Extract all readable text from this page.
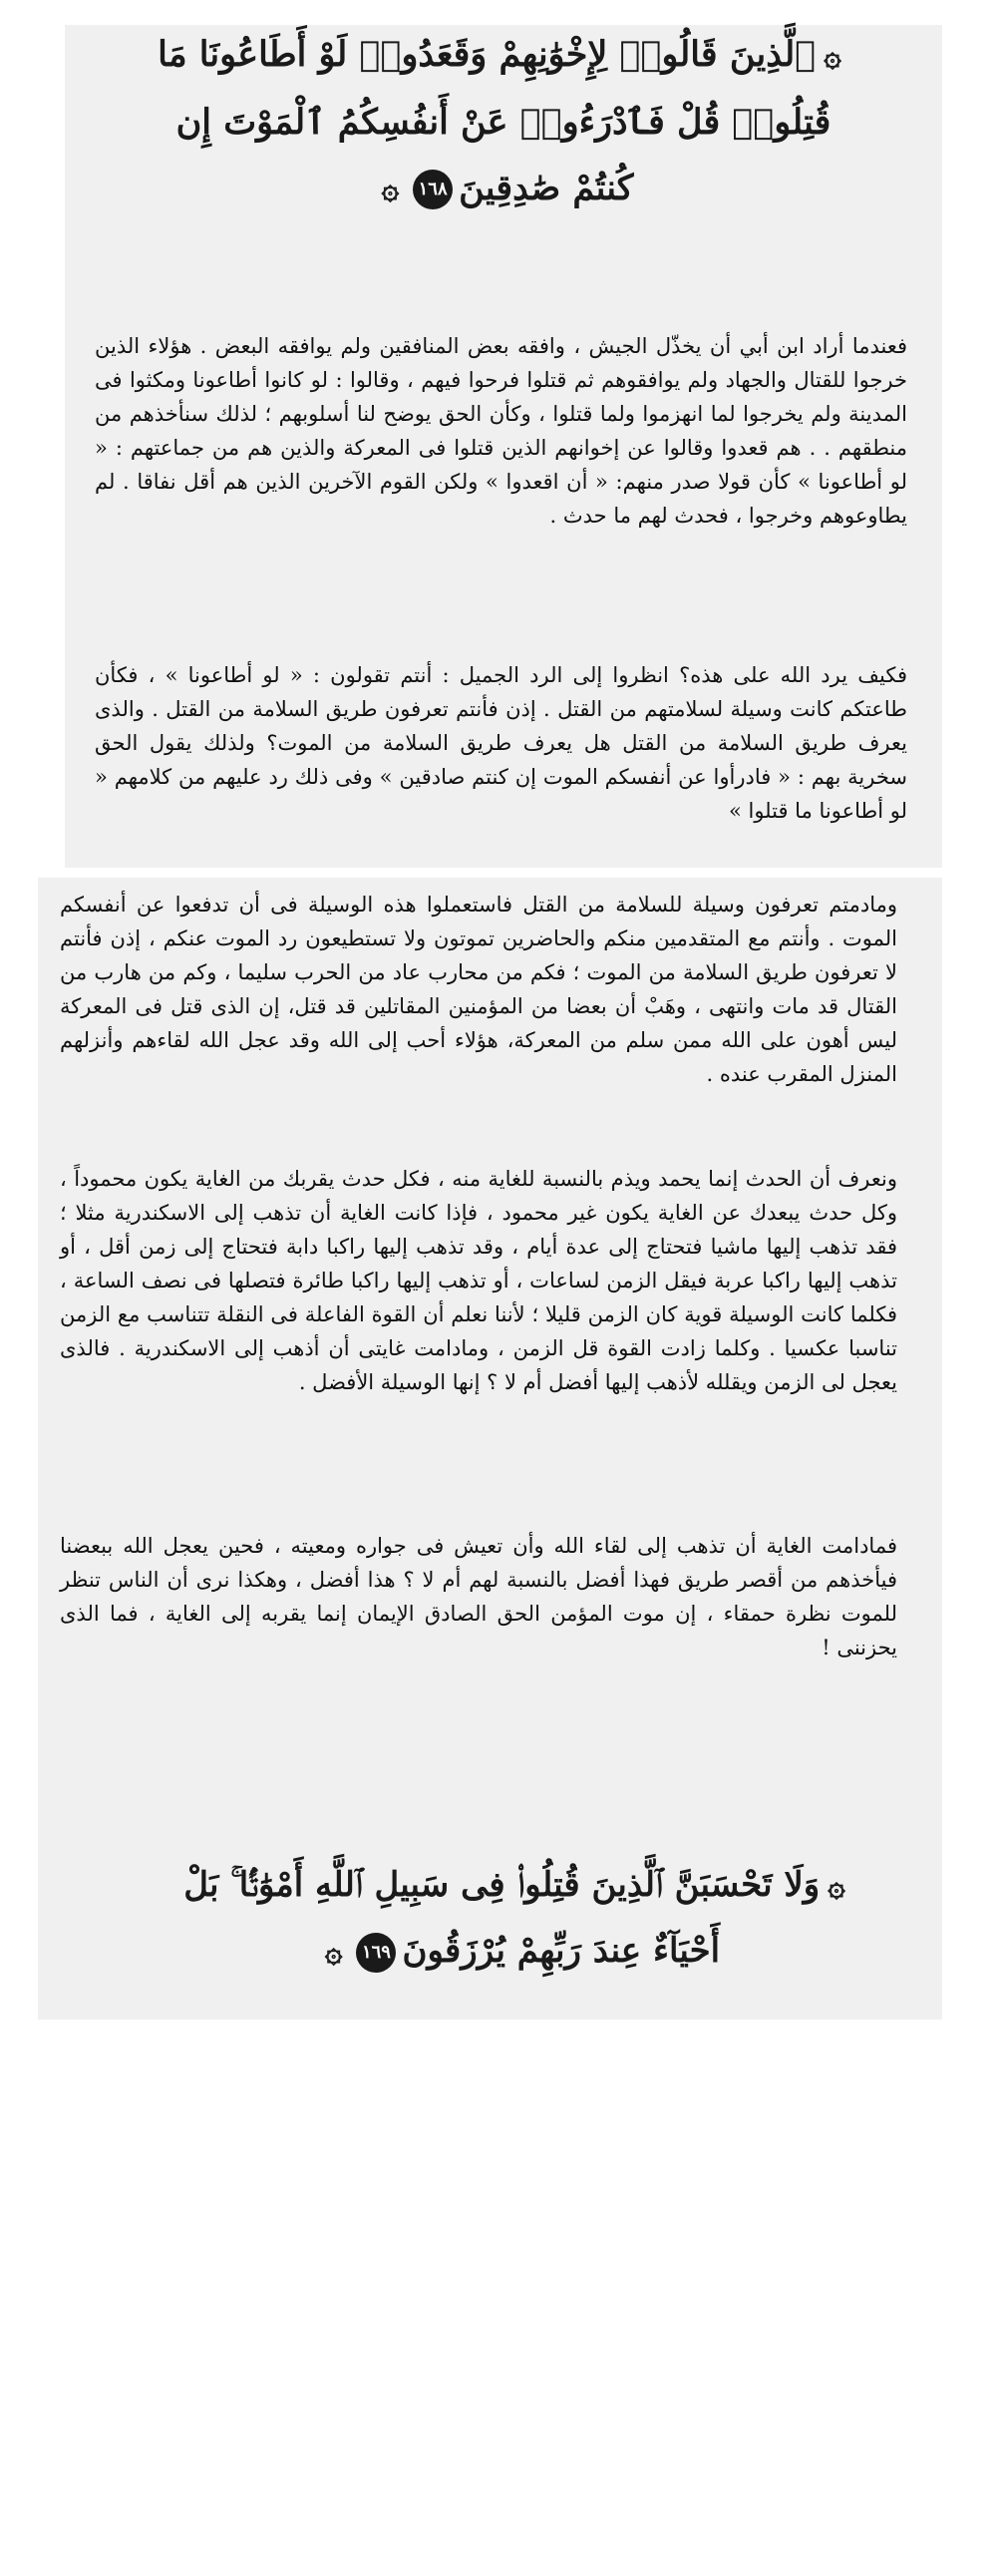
۞ٱلَّذِينَ قَالُوا۟ لِإِخْوَٰنِهِمْ وَقَعَدُوا۟ لَوْ أَطَاعُونَا مَا
قُتِلُوا۟ قُلْ فَٱدْرَءُوا۟ عَنْ أَنفُسِكُمُ ٱلْمَوْتَ إِن
كُنتُمْ صَٰدِقِينَ١٦٨۞

فعندما أراد ابن أبي أن يخذّل الجيش ، وافقه بعض المنافقين ولم يوافقه البعض . هؤلاء الذين خرجوا للقتال والجهاد ولم يوافقوهم ثم قتلوا فرحوا فيهم ، وقالوا : لو كانوا أطاعونا ومكثوا فى المدينة ولم يخرجوا لما انهزموا ولما قتلوا ، وكأن الحق يوضح لنا أسلوبهم ؛ لذلك سنأخذهم من منطقهم . . هم قعدوا وقالوا عن إخوانهم الذين قتلوا فى المعركة والذين هم من جماعتهم : « لو أطاعونا » كأن قولا صدر منهم: « أن اقعدوا » ولكن القوم الآخرين الذين هم أقل نفاقا . لم يطاوعوهم وخرجوا ، فحدث لهم ما حدث .

فكيف يرد الله على هذه؟ انظروا إلى الرد الجميل : أنتم تقولون : « لو أطاعونا » ، فكأن طاعتكم كانت وسيلة لسلامتهم من القتل . إذن فأنتم تعرفون طريق السلامة من القتل . والذى يعرف طريق السلامة من القتل هل يعرف طريق السلامة من الموت؟ ولذلك يقول الحق سخرية بهم : « فادرأوا عن أنفسكم الموت إن كنتم صادقين » وفى ذلك رد عليهم من كلامهم « لو أطاعونا ما قتلوا »

ومادمتم تعرفون وسيلة للسلامة من القتل فاستعملوا هذه الوسيلة فى أن تدفعوا عن أنفسكم الموت . وأنتم مع المتقدمين منكم والحاضرين تموتون ولا تستطيعون رد الموت عنكم ، إذن فأنتم لا تعرفون طريق السلامة من الموت ؛ فكم من محارب عاد من الحرب سليما ، وكم من هارب من القتال قد مات وانتهى ، وهَبْ أن بعضا من المؤمنين المقاتلين قد قتل، إن الذى قتل فى المعركة ليس أهون على الله ممن سلم من المعركة، هؤلاء أحب إلى الله وقد عجل الله لقاءهم وأنزلهم المنزل المقرب عنده .

ونعرف أن الحدث إنما يحمد ويذم بالنسبة للغاية منه ، فكل حدث يقربك من الغاية يكون محموداً ، وكل حدث يبعدك عن الغاية يكون غير محمود ، فإذا كانت الغاية أن تذهب إلى الاسكندرية مثلا ؛ فقد تذهب إليها ماشيا فتحتاج إلى عدة أيام ، وقد تذهب إليها راكبا دابة فتحتاج إلى زمن أقل ، أو تذهب إليها راكبا عربة فيقل الزمن لساعات ، أو تذهب إليها راكبا طائرة فتصلها فى نصف الساعة ، فكلما كانت الوسيلة قوية كان الزمن قليلا ؛ لأننا نعلم أن القوة الفاعلة فى النقلة تتناسب مع الزمن تناسبا عكسيا . وكلما زادت القوة قل الزمن ، ومادامت غايتى أن أذهب إلى الاسكندرية . فالذى يعجل لى الزمن ويقلله لأذهب إليها أفضل أم لا ؟ إنها الوسيلة الأفضل .

فمادامت الغاية أن تذهب إلى لقاء الله وأن تعيش فى جواره ومعيته ، فحين يعجل الله ببعضنا فيأخذهم من أقصر طريق فهذا أفضل بالنسبة لهم أم لا ؟ هذا أفضل ، وهكذا نرى أن الناس تنظر للموت نظرة حمقاء ، إن موت المؤمن الحق الصادق الإيمان إنما يقربه إلى الغاية ، فما الذى يحزننى !

۞وَلَا تَحْسَبَنَّ ٱلَّذِينَ قُتِلُوا۟ فِى سَبِيلِ ٱللَّهِ أَمْوَٰتًۢا ۚ بَلْ
أَحْيَآءٌ عِندَ رَبِّهِمْ يُرْزَقُونَ١٦٩۞
